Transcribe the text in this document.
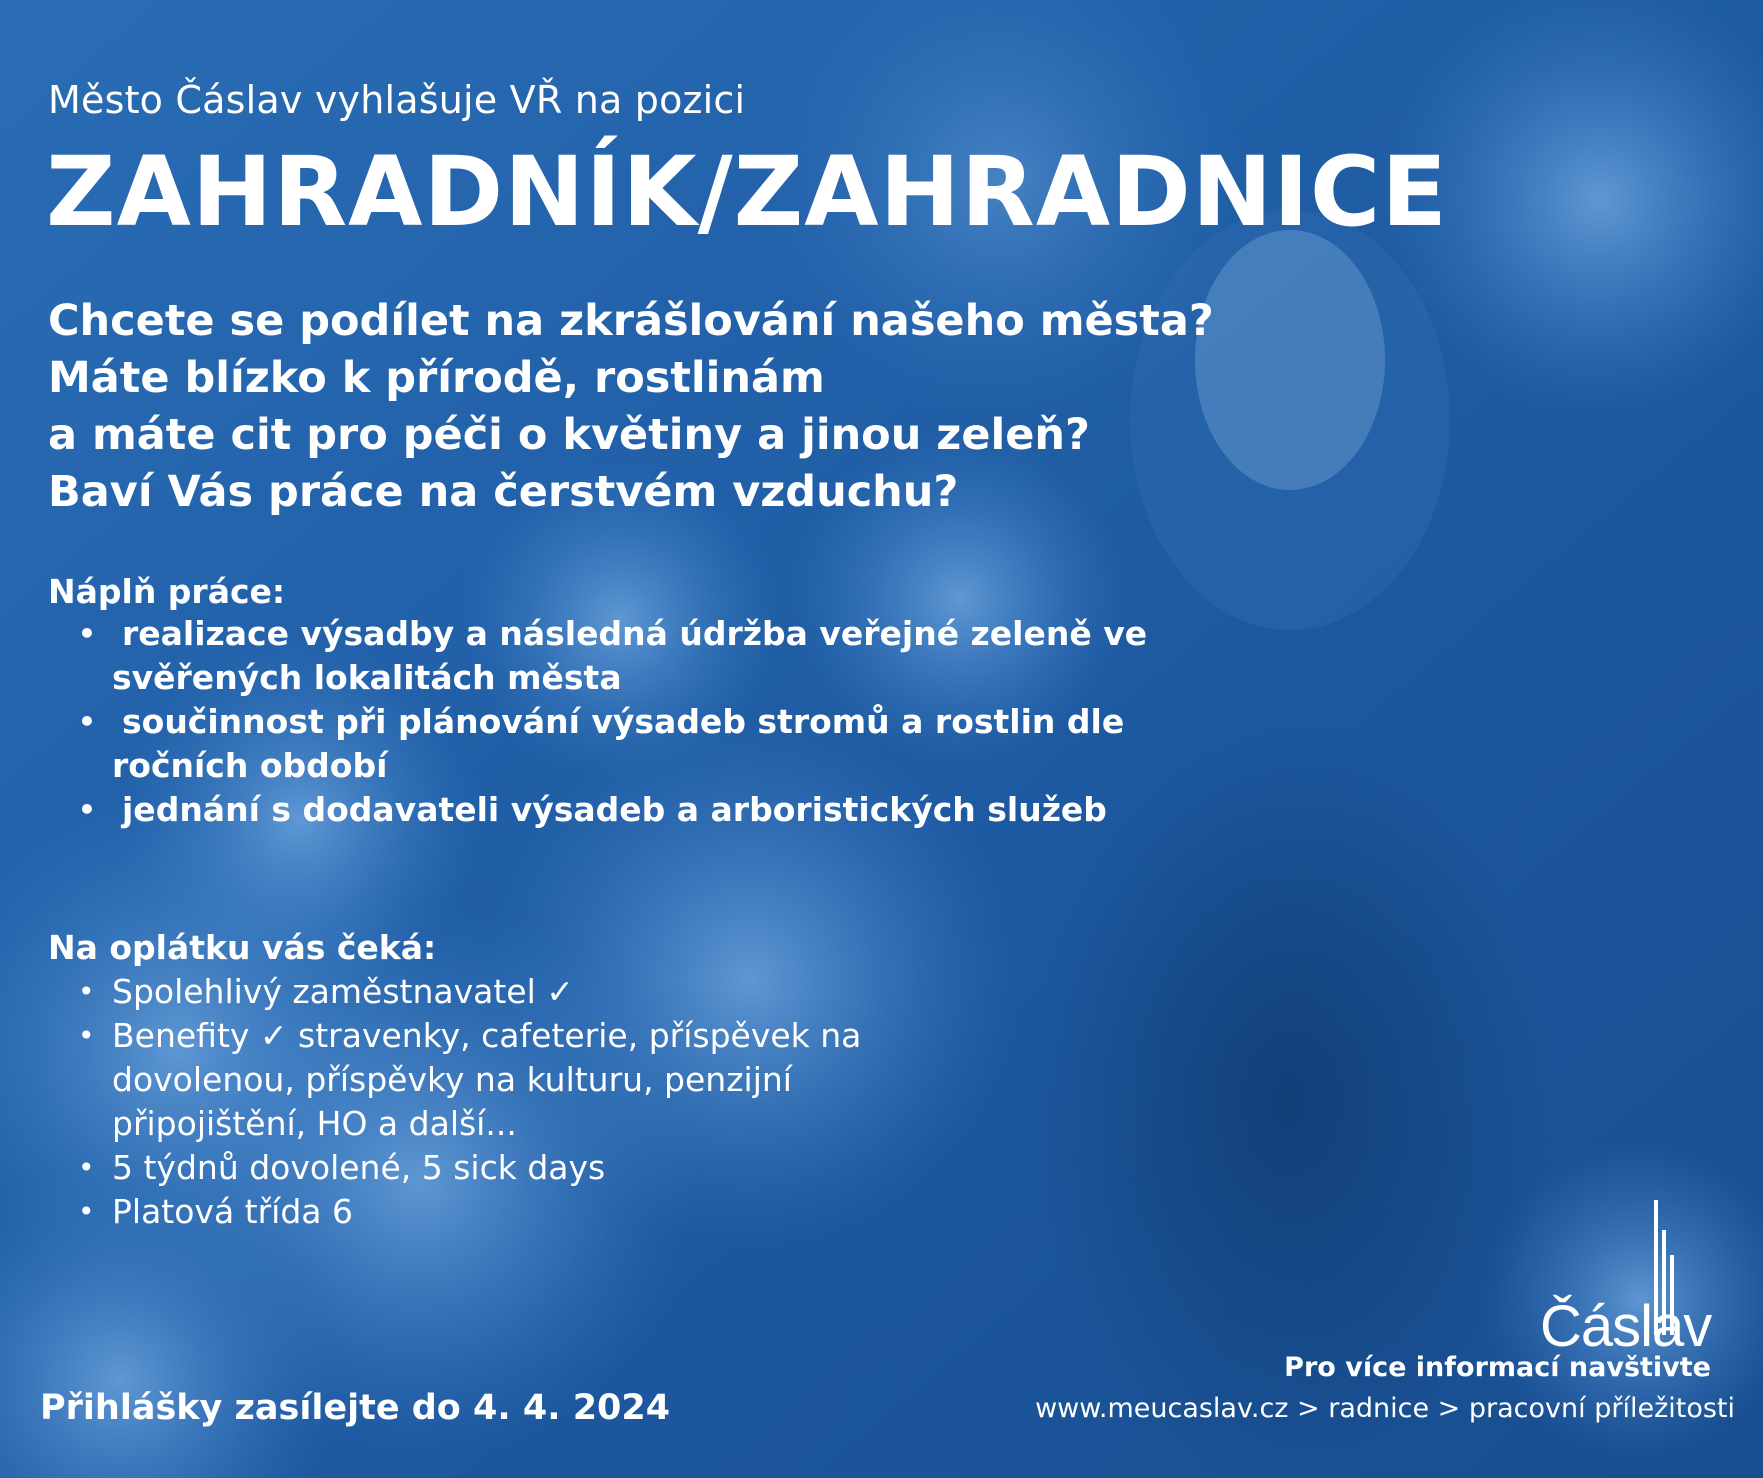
Město Čáslav vyhlašuje VŘ na pozici
ZAHRADNÍK/ZAHRADNICE
Chcete se podílet na zkrášlování našeho města?
Máte blízko k přírodě, rostlinám
a máte cit pro péči o květiny a jinou zeleň?
Baví Vás práce na čerstvém vzduchu?
Náplň práce:
• realizace výsadby a následná údržba veřejné zeleně ve svěřených lokalitách města
• součinnost při plánování výsadeb stromů a rostlin dle ročních období
• jednání s dodavateli výsadeb a arboristických služeb
Na oplátku vás čeká:
• Spolehlivý zaměstnavatel ✓
• Benefity ✓ stravenky, cafeterie, příspěvek na dovolenou, příspěvky na kulturu, penzijní připojištění, HO a další...
• 5 týdnů dovolené, 5 sick days
• Platová třída 6
Přihlášky zasílejte do 4. 4. 2024
Čáslav
Pro více informací navštivte
www.meucaslav.cz > radnice > pracovní příležitosti
